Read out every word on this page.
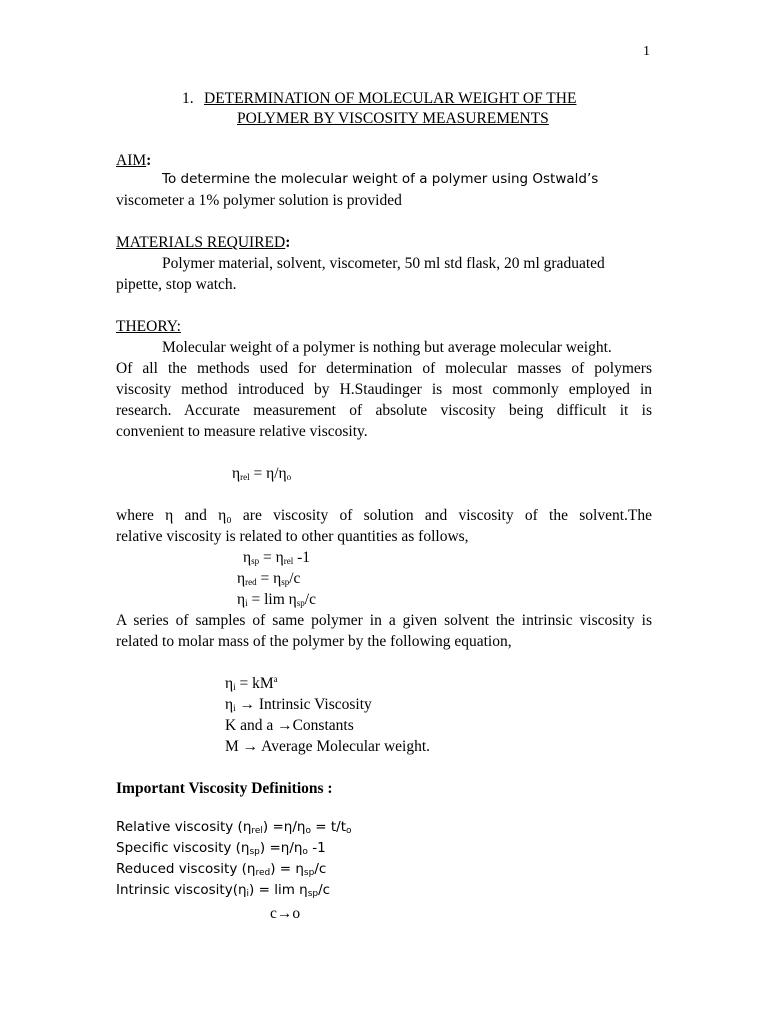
1
1. DETERMINATION OF MOLECULAR WEIGHT OF THE
POLYMER BY VISCOSITY MEASUREMENTS
AIM:
To determine the molecular weight of a polymer using Ostwald’s
viscometer a 1% polymer solution is provided
MATERIALS REQUIRED:
Polymer material, solvent, viscometer, 50 ml std flask, 20 ml graduated
pipette, stop watch.
THEORY:
Molecular weight of a polymer is nothing but average molecular weight.
Of all the methods used for determination of molecular masses of polymers
viscosity method introduced by H.Staudinger is most commonly employed in
research. Accurate measurement of absolute viscosity being difficult it is
convenient to measure relative viscosity.
$\eta_{rel} = \eta/\eta_o$
where η and η₀ are viscosity of solution and viscosity of the solvent.The
relative viscosity is related to other quantities as follows,
$\eta_{sp} = \eta_{rel}$ -1
$\eta_{red} = \eta_{sp}/c$
$\eta_i = \lim \eta_{sp}/c$
A series of samples of same polymer in a given solvent the intrinsic viscosity is
related to molar mass of the polymer by the following equation,
$\eta_i = kM^a$
$\eta_i$ → Intrinsic Viscosity
K and a →Constants
M → Average Molecular weight.
Important Viscosity Definitions :
Relative viscosity $(\eta_{rel}) =\eta/\eta_o = t/t_o$
Specific viscosity $(\eta_{sp}) =\eta/\eta_o$ -1
Reduced viscosity $(\eta_{red}) = \eta_{sp}/c$
Intrinsic $viscosity(\eta_i) = \lim \eta_{sp}/c$
c→o
